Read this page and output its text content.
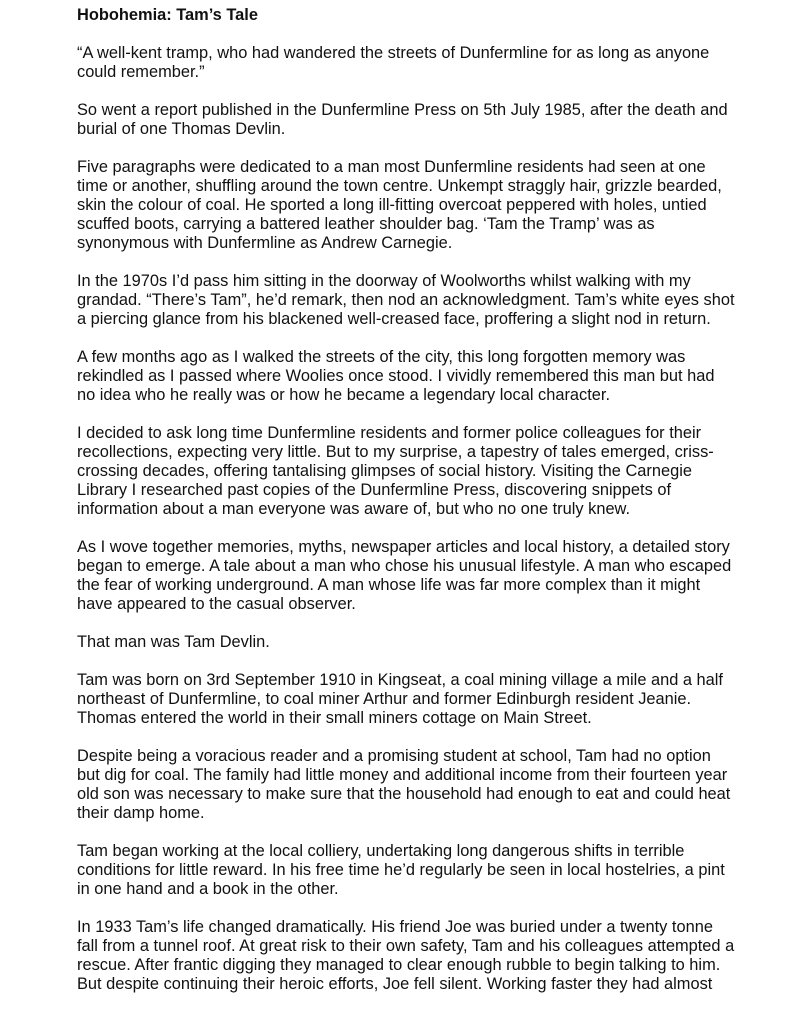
Hobohemia: Tam’s Tale
“A well-kent tramp, who had wandered the streets of Dunfermline for as long as anyone
could remember.”
So went a report published in the Dunfermline Press on 5th July 1985, after the death and
burial of one Thomas Devlin.
Five paragraphs were dedicated to a man most Dunfermline residents had seen at one
time or another, shuffling around the town centre. Unkempt straggly hair, grizzle bearded,
skin the colour of coal. He sported a long ill-fitting overcoat peppered with holes, untied
scuffed boots, carrying a battered leather shoulder bag. ‘Tam the Tramp’ was as
synonymous with Dunfermline as Andrew Carnegie.
In the 1970s I’d pass him sitting in the doorway of Woolworths whilst walking with my
grandad. “There’s Tam”, he’d remark, then nod an acknowledgment. Tam’s white eyes shot
a piercing glance from his blackened well-creased face, proffering a slight nod in return.
A few months ago as I walked the streets of the city, this long forgotten memory was
rekindled as I passed where Woolies once stood. I vividly remembered this man but had
no idea who he really was or how he became a legendary local character.
I decided to ask long time Dunfermline residents and former police colleagues for their
recollections, expecting very little. But to my surprise, a tapestry of tales emerged, criss-
crossing decades, offering tantalising glimpses of social history. Visiting the Carnegie
Library I researched past copies of the Dunfermline Press, discovering snippets of
information about a man everyone was aware of, but who no one truly knew.
As I wove together memories, myths, newspaper articles and local history, a detailed story
began to emerge. A tale about a man who chose his unusual lifestyle. A man who escaped
the fear of working underground. A man whose life was far more complex than it might
have appeared to the casual observer.
That man was Tam Devlin.
Tam was born on 3rd September 1910 in Kingseat, a coal mining village a mile and a half
northeast of Dunfermline, to coal miner Arthur and former Edinburgh resident Jeanie.
Thomas entered the world in their small miners cottage on Main Street.
Despite being a voracious reader and a promising student at school, Tam had no option
but dig for coal. The family had little money and additional income from their fourteen year
old son was necessary to make sure that the household had enough to eat and could heat
their damp home.
Tam began working at the local colliery, undertaking long dangerous shifts in terrible
conditions for little reward. In his free time he’d regularly be seen in local hostelries, a pint
in one hand and a book in the other.
In 1933 Tam’s life changed dramatically. His friend Joe was buried under a twenty tonne
fall from a tunnel roof. At great risk to their own safety, Tam and his colleagues attempted a
rescue. After frantic digging they managed to clear enough rubble to begin talking to him.
But despite continuing their heroic efforts, Joe fell silent. Working faster they had almost
